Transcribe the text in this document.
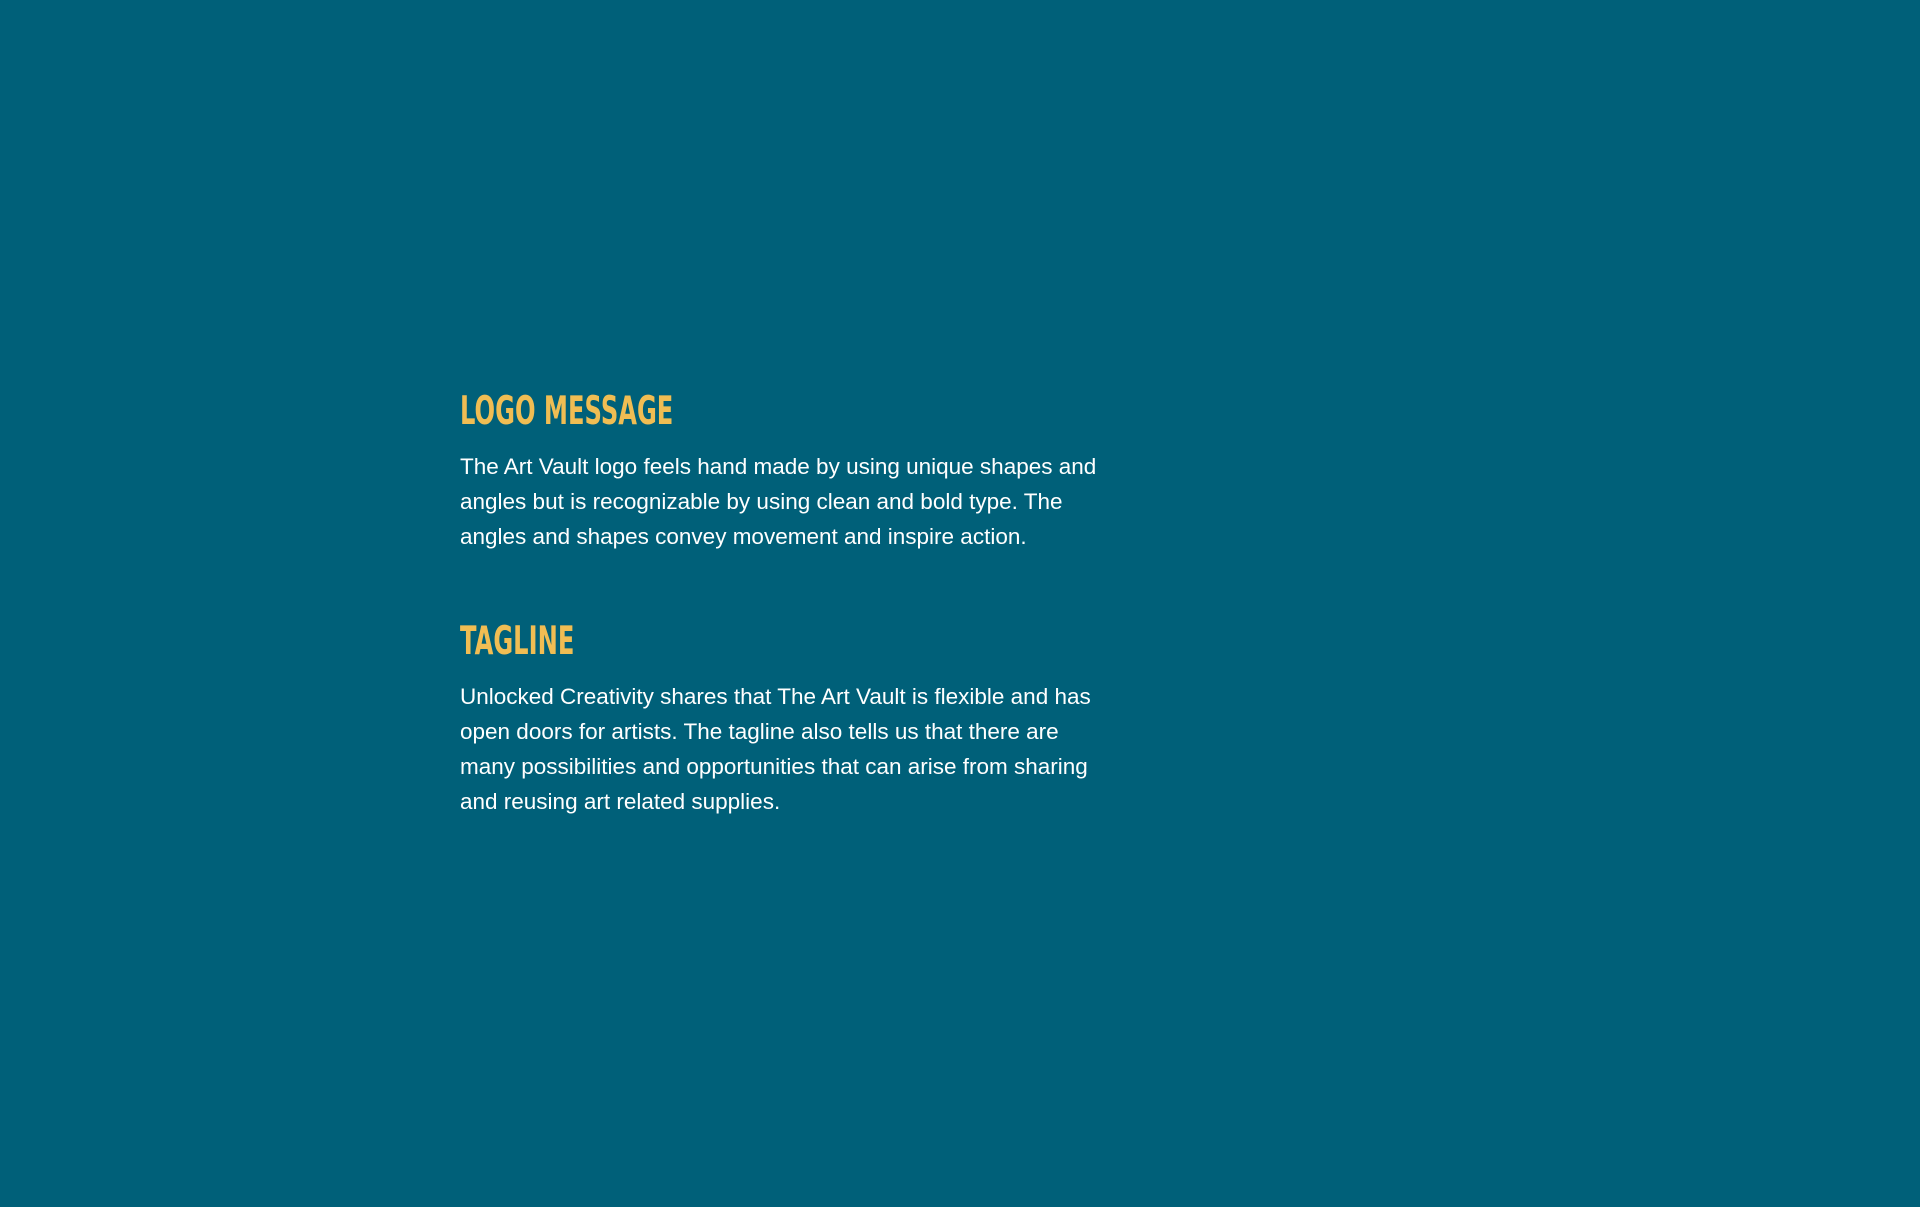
LOGO MESSAGE

The Art Vault logo feels hand made by using unique shapes and angles but is recognizable by using clean and bold type. The angles and shapes convey movement and inspire action.

TAGLINE

Unlocked Creativity shares that The Art Vault is flexible and has open doors for artists. The tagline also tells us that there are many possibilities and opportunities that can arise from sharing and reusing art related supplies.
